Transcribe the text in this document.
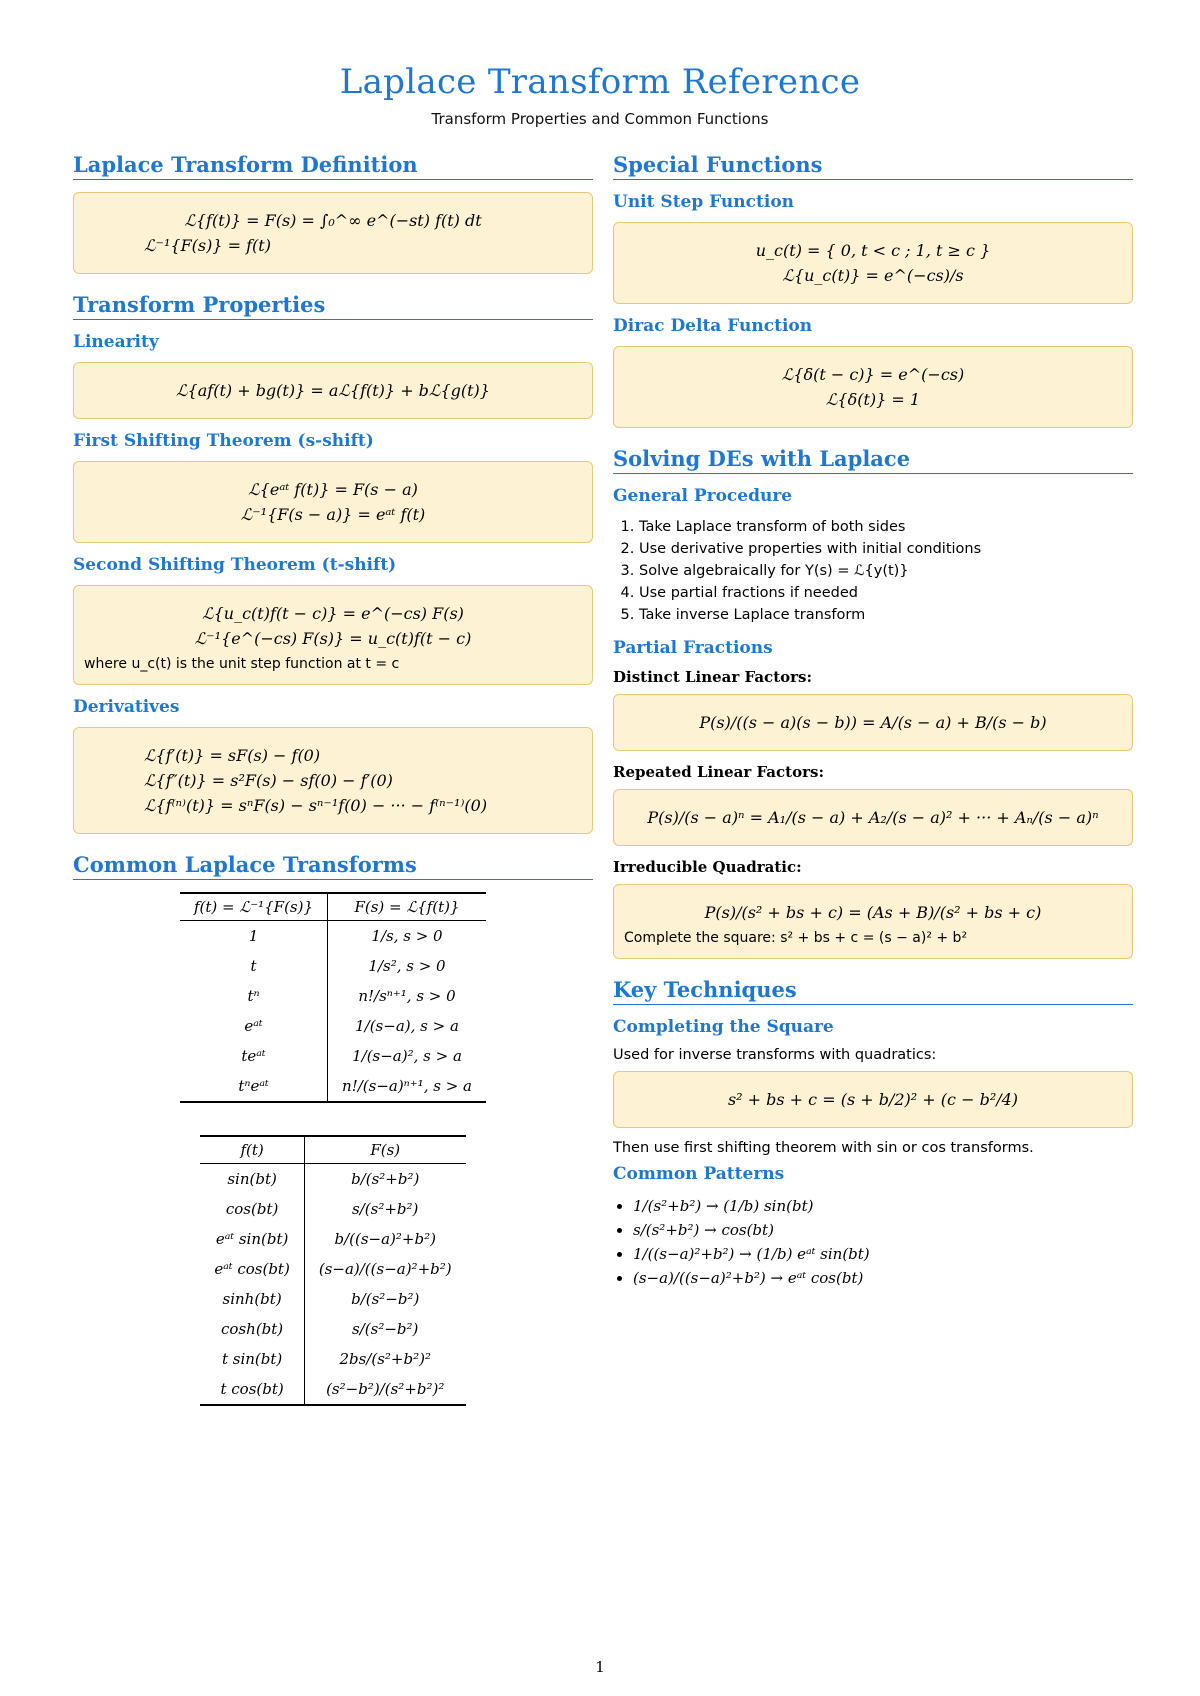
Laplace Transform Reference
Transform Properties and Common Functions
Laplace Transform Definition
ℒ{f(t)} = F(s) = ∫₀^∞ e^(−st) f(t) dt
ℒ⁻¹{F(s)} = f(t)
Transform Properties
Linearity
ℒ{af(t) + bg(t)} = aℒ{f(t)} + bℒ{g(t)}
First Shifting Theorem (s-shift)
ℒ{eᵃᵗ f(t)} = F(s − a)
ℒ⁻¹{F(s − a)} = eᵃᵗ f(t)
Second Shifting Theorem (t-shift)
ℒ{u_c(t)f(t − c)} = e^(−cs) F(s)
ℒ⁻¹{e^(−cs) F(s)} = u_c(t)f(t − c)
where u_c(t) is the unit step function at t = c
Derivatives
ℒ{f′(t)} = sF(s) − f(0)
ℒ{f″(t)} = s²F(s) − sf(0) − f′(0)
ℒ{f⁽ⁿ⁾(t)} = sⁿF(s) − sⁿ⁻¹f(0) − ··· − f⁽ⁿ⁻¹⁾(0)
Common Laplace Transforms
f(t) = ℒ⁻¹{F(s)}	F(s) = ℒ{f(t)}
1	1/s, s > 0
t	1/s², s > 0
tⁿ	n!/sⁿ⁺¹, s > 0
eᵃᵗ	1/(s−a), s > a
teᵃᵗ	1/(s−a)², s > a
tⁿeᵃᵗ	n!/(s−a)ⁿ⁺¹, s > a
f(t)	F(s)
sin(bt)	b/(s²+b²)
cos(bt)	s/(s²+b²)
eᵃᵗ sin(bt)	b/((s−a)²+b²)
eᵃᵗ cos(bt)	(s−a)/((s−a)²+b²)
sinh(bt)	b/(s²−b²)
cosh(bt)	s/(s²−b²)
t sin(bt)	2bs/(s²+b²)²
t cos(bt)	(s²−b²)/(s²+b²)²
Special Functions
Unit Step Function
u_c(t) = { 0, t < c ; 1, t ≥ c }
ℒ{u_c(t)} = e^(−cs)/s
Dirac Delta Function
ℒ{δ(t − c)} = e^(−cs)
ℒ{δ(t)} = 1
Solving DEs with Laplace
General Procedure
1. Take Laplace transform of both sides
2. Use derivative properties with initial conditions
3. Solve algebraically for Y(s) = ℒ{y(t)}
4. Use partial fractions if needed
5. Take inverse Laplace transform
Partial Fractions
Distinct Linear Factors:
P(s)/((s − a)(s − b)) = A/(s − a) + B/(s − b)
Repeated Linear Factors:
P(s)/(s − a)ⁿ = A₁/(s − a) + A₂/(s − a)² + ··· + Aₙ/(s − a)ⁿ
Irreducible Quadratic:
P(s)/(s² + bs + c) = (As + B)/(s² + bs + c)
Complete the square: s² + bs + c = (s − a)² + b²
Key Techniques
Completing the Square
Used for inverse transforms with quadratics:
s² + bs + c = (s + b/2)² + (c − b²/4)
Then use first shifting theorem with sin or cos transforms.
Common Patterns
• 1/(s²+b²) → (1/b) sin(bt)
• s/(s²+b²) → cos(bt)
• 1/((s−a)²+b²) → (1/b) eᵃᵗ sin(bt)
• (s−a)/((s−a)²+b²) → eᵃᵗ cos(bt)
1
